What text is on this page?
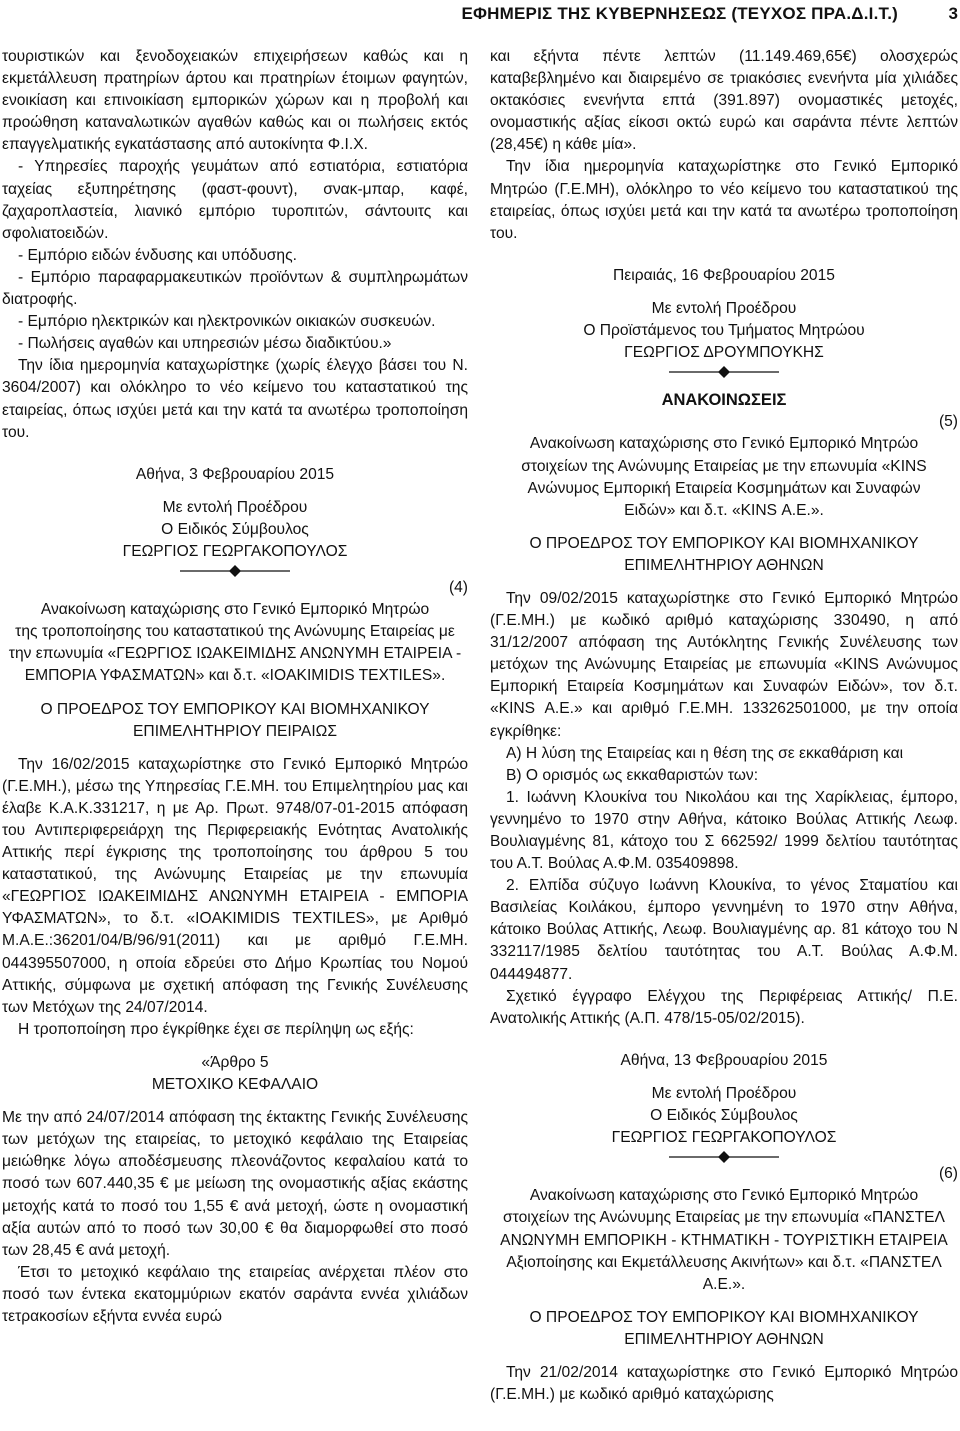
ΕΦΗΜΕΡΙΣ ΤΗΣ ΚΥΒΕΡΝΗΣΕΩΣ (ΤΕΥΧΟΣ ΠΡΑ.Δ.Ι.Τ.)	3

τουριστικών και ξενοδοχειακών επιχειρήσεων καθώς και η εκμετάλλευση πρατηρίων άρτου και πρατηρίων έτοιμων φαγητών, ενοικίαση και επινοικίαση εμπορικών χώρων και η προβολή και προώθηση καταναλωτικών αγαθών καθώς και οι πωλήσεις εκτός επαγγελματικής εγκατάστασης από αυτοκίνητα Φ.Ι.Χ.

- Υπηρεσίες παροχής γευμάτων από εστιατόρια, εστιατόρια ταχείας εξυπηρέτησης (φαστ-φουντ), σνακ-μπαρ, καφέ, ζαχαροπλαστεία, λιανικό εμπόριο τυροπιτών, σάντουιτς και σφολιατοειδών.

- Εμπόριο ειδών ένδυσης και υπόδυσης.

- Εμπόριο παραφαρμακευτικών προϊόντων & συμπληρωμάτων διατροφής.

- Εμπόριο ηλεκτρικών και ηλεκτρονικών οικιακών συσκευών.

- Πωλήσεις αγαθών και υπηρεσιών μέσω διαδικτύου.»

Την ίδια ημερομηνία καταχωρίστηκε (χωρίς έλεγχο βάσει του Ν. 3604/2007) και ολόκληρο το νέο κείμενο του καταστατικού της εταιρείας, όπως ισχύει μετά και την κατά τα ανωτέρω τροποποίηση του.

Αθήνα, 3 Φεβρουαρίου 2015

Με εντολή Προέδρου

Ο Ειδικός Σύμβουλος

ΓΕΩΡΓΙΟΣ ΓΕΩΡΓΑΚΟΠΟΥΛΟΣ

(4)

Ανακοίνωση καταχώρισης στο Γενικό Εμπορικό Μητρώο

της τροποποίησης του καταστατικού της Ανώνυμης Εταιρείας με την επωνυμία «ΓΕΩΡΓΙΟΣ ΙΩΑΚΕΙΜΙΔΗΣ ΑΝΩΝΥΜΗ ΕΤΑΙΡΕΙΑ - ΕΜΠΟΡΙΑ ΥΦΑΣΜΑΤΩΝ» και δ.τ. «IOAKIMIDIS TEXTILES».

Ο ΠΡΟΕΔΡΟΣ ΤΟΥ ΕΜΠΟΡΙΚΟΥ ΚΑΙ ΒΙΟΜΗΧΑΝΙΚΟΥ

ΕΠΙΜΕΛΗΤΗΡΙΟΥ ΠΕΙΡΑΙΩΣ

Την 16/02/2015 καταχωρίστηκε στο Γενικό Εμπορικό Μητρώο (Γ.Ε.ΜΗ.), μέσω της Υπηρεσίας Γ.Ε.ΜΗ. του Επιμελητηρίου μας και έλαβε Κ.Α.Κ.331217, η με Αρ. Πρωτ. 9748/07-01-2015 απόφαση του Αντιπεριφερειάρχη της Περιφερειακής Ενότητας Ανατολικής Αττικής περί έγκρισης της τροποποίησης του άρθρου 5 του καταστατικού, της Ανώνυμης Εταιρείας με την επωνυμία «ΓΕΩΡΓΙΟΣ ΙΩΑΚΕΙΜΙΔΗΣ ΑΝΩΝΥΜΗ ΕΤΑΙΡΕΙΑ - ΕΜΠΟΡΙΑ ΥΦΑΣΜΑΤΩΝ», το δ.τ. «IOAKIMIDIS TEXTILES», με Αριθμό Μ.Α.Ε.:36201/04/Β/96/91(2011) και με αριθμό Γ.Ε.ΜΗ. 044395507000, η οποία εδρεύει στο Δήμο Κρωπίας του Νομού Αττικής, σύμφωνα με σχετική απόφαση της Γενικής Συνέλευσης των Μετόχων της 24/07/2014.

Η τροποποίηση προ έγκρίθηκε έχει σε περίληψη ως εξής:

«Άρθρο 5

ΜΕΤΟΧΙΚΟ ΚΕΦΑΛΑΙΟ

Με την από 24/07/2014 απόφαση της έκτακτης Γενικής Συνέλευσης των μετόχων της εταιρείας, το μετοχικό κεφάλαιο της Εταιρείας μειώθηκε λόγω αποδέσμευσης πλεονάζοντος κεφαλαίου κατά το ποσό των 607.440,35 € με μείωση της ονομαστικής αξίας εκάστης μετοχής κατά το ποσό του 1,55 € ανά μετοχή, ώστε η ονομαστική αξία αυτών από το ποσό των 30,00 € θα διαμορφωθεί στο ποσό των 28,45 € ανά μετοχή.

Έτσι το μετοχικό κεφάλαιο της εταιρείας ανέρχεται πλέον στο ποσό των έντεκα εκατομμύριων εκατόν σαράντα εννέα χιλιάδων τετρακοσίων εξήντα εννέα ευρώ

και εξήντα πέντε λεπτών (11.149.469,65€) ολοσχερώς καταβεβλημένο και διαιρεμένο σε τριακόσιες ενενήντα μία χιλιάδες οκτακόσιες ενενήντα επτά (391.897) ονομαστικές μετοχές, ονομαστικής αξίας είκοσι οκτώ ευρώ και σαράντα πέντε λεπτών (28,45€) η κάθε μία».

Την ίδια ημερομηνία καταχωρίστηκε στο Γενικό Εμπορικό Μητρώο (Γ.Ε.ΜΗ), ολόκληρο το νέο κείμενο του καταστατικού της εταιρείας, όπως ισχύει μετά και την κατά τα ανωτέρω τροποποίηση του.

Πειραιάς, 16 Φεβρουαρίου 2015

Με εντολή Προέδρου

Ο Προϊστάμενος του Τμήματος Μητρώου

ΓΕΩΡΓΙΟΣ ΔΡΟΥΜΠΟΥΚΗΣ

ΑΝΑΚΟΙΝΩΣΕΙΣ

(5)

Ανακοίνωση καταχώρισης στο Γενικό Εμπορικό Μητρώο

στοιχείων της Ανώνυμης Εταιρείας με την επωνυμία «KINS Ανώνυμος Εμπορική Εταιρεία Κοσμημάτων και Συναφών Ειδών» και δ.τ. «KINS Α.Ε.».

Ο ΠΡΟΕΔΡΟΣ ΤΟΥ ΕΜΠΟΡΙΚΟΥ ΚΑΙ ΒΙΟΜΗΧΑΝΙΚΟΥ

ΕΠΙΜΕΛΗΤΗΡΙΟΥ ΑΘΗΝΩΝ

Την 09/02/2015 καταχωρίστηκε στο Γενικό Εμπορικό Μητρώο (Γ.Ε.ΜΗ.) με κωδικό αριθμό καταχώρισης 330490, η από 31/12/2007 απόφαση της Αυτόκλητης Γενικής Συνέλευσης των μετόχων της Ανώνυμης Εταιρείας με επωνυμία «KINS Ανώνυμος Εμπορική Εταιρεία Κοσμημάτων και Συναφών Ειδών», τον δ.τ. «KINS Α.Ε.» και αριθμό Γ.Ε.ΜΗ. 133262501000, με την οποία εγκρίθηκε:

Α) Η λύση της Εταιρείας και η θέση της σε εκκαθάριση και

Β) Ο ορισμός ως εκκαθαριστών των:

1. Ιωάννη Κλουκίνα του Νικολάου και της Χαρίκλειας, έμπορο, γεννημένο το 1970 στην Αθήνα, κάτοικο Βούλας Αττικής Λεωφ. Βουλιαγμένης 81, κάτοχο του Σ 662592/ 1999 δελτίου ταυτότητας του Α.Τ. Βούλας Α.Φ.Μ. 035409898.

2. Ελπίδα σύζυγο Ιωάννη Κλουκίνα, το γένος Σταματίου και Βασιλείας Κοιλάκου, έμπορο γεννημένη το 1970 στην Αθήνα, κάτοικο Βούλας Αττικής, Λεωφ. Βουλιαγμένης αρ. 81 κάτοχο του Ν 332117/1985 δελτίου ταυτότητας του Α.Τ. Βούλας Α.Φ.Μ. 044494877.

Σχετικό έγγραφο Ελέγχου της Περιφέρειας Αττικής/ Π.Ε. Ανατολικής Αττικής (Α.Π. 478/15-05/02/2015).

Αθήνα, 13 Φεβρουαρίου 2015

Με εντολή Προέδρου

Ο Ειδικός Σύμβουλος

ΓΕΩΡΓΙΟΣ ΓΕΩΡΓΑΚΟΠΟΥΛΟΣ

(6)

Ανακοίνωση καταχώρισης στο Γενικό Εμπορικό Μητρώο

στοιχείων της Ανώνυμης Εταιρείας με την επωνυμία «ΠΑΝΣΤΕΛ ΑΝΩΝΥΜΗ ΕΜΠΟΡΙΚΗ - ΚΤΗΜΑΤΙΚΗ - ΤΟΥΡΙΣΤΙΚΗ ΕΤΑΙΡΕΙΑ Αξιοποίησης και Εκμετάλλευσης Ακινήτων» και δ.τ. «ΠΑΝΣΤΕΛ Α.Ε.».

Ο ΠΡΟΕΔΡΟΣ ΤΟΥ ΕΜΠΟΡΙΚΟΥ ΚΑΙ ΒΙΟΜΗΧΑΝΙΚΟΥ

ΕΠΙΜΕΛΗΤΗΡΙΟΥ ΑΘΗΝΩΝ

Την 21/02/2014 καταχωρίστηκε στο Γενικό Εμπορικό Μητρώο (Γ.Ε.ΜΗ.) με κωδικό αριθμό καταχώρισης
